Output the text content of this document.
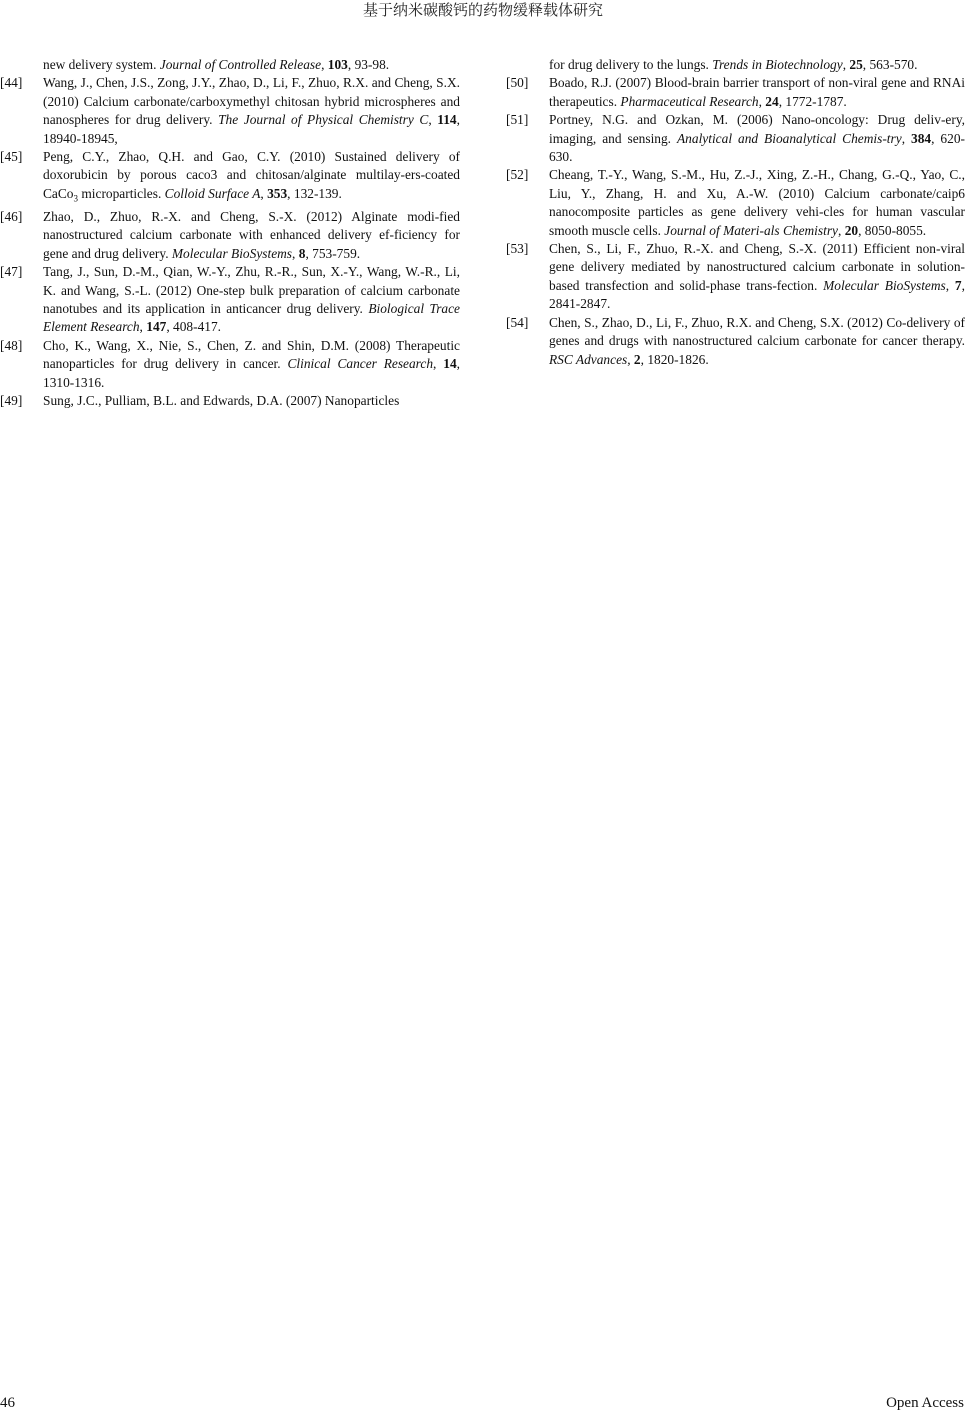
基于纳米碳酸钙的药物缓释载体研究

new delivery system. Journal of Controlled Release, 103, 93-98.

[44]	Wang, J., Chen, J.S., Zong, J.Y., Zhao, D., Li, F., Zhuo, R.X. and Cheng, S.X. (2010) Calcium carbonate/carboxymethyl chitosan hybrid microspheres and nanospheres for drug delivery. The Journal of Physical Chemistry C, 114, 18940-18945,

[45]	Peng, C.Y., Zhao, Q.H. and Gao, C.Y. (2010) Sustained delivery of doxorubicin by porous caco3 and chitosan/alginate multilay-ers-coated CaCo$_3$ microparticles. Colloid Surface A, 353, 132-139.

[46]	Zhao, D., Zhuo, R.-X. and Cheng, S.-X. (2012) Alginate modi-fied nanostructured calcium carbonate with enhanced delivery ef-ficiency for gene and drug delivery. Molecular BioSystems, 8, 753-759.

[47]	Tang, J., Sun, D.-M., Qian, W.-Y., Zhu, R.-R., Sun, X.-Y., Wang, W.-R., Li, K. and Wang, S.-L. (2012) One-step bulk preparation of calcium carbonate nanotubes and its application in anticancer drug delivery. Biological Trace Element Research, 147, 408-417.

[48]	Cho, K., Wang, X., Nie, S., Chen, Z. and Shin, D.M. (2008) Therapeutic nanoparticles for drug delivery in cancer. Clinical Cancer Research, 14, 1310-1316.

[49]	Sung, J.C., Pulliam, B.L. and Edwards, D.A. (2007) Nanoparticles

for drug delivery to the lungs. Trends in Biotechnology, 25, 563-570.

[50]	Boado, R.J. (2007) Blood-brain barrier transport of non-viral gene and RNAi therapeutics. Pharmaceutical Research, 24, 1772-1787.

[51]	Portney, N.G. and Ozkan, M. (2006) Nano-oncology: Drug deliv-ery, imaging, and sensing. Analytical and Bioanalytical Chemis-try, 384, 620-630.

[52]	Cheang, T.-Y., Wang, S.-M., Hu, Z.-J., Xing, Z.-H., Chang, G.-Q., Yao, C., Liu, Y., Zhang, H. and Xu, A.-W. (2010) Calcium carbonate/caip6 nanocomposite particles as gene delivery vehi-cles for human vascular smooth muscle cells. Journal of Materi-als Chemistry, 20, 8050-8055.

[53]	Chen, S., Li, F., Zhuo, R.-X. and Cheng, S.-X. (2011) Efficient non-viral gene delivery mediated by nanostructured calcium carbonate in solution-based transfection and solid-phase trans-fection. Molecular BioSystems, 7, 2841-2847.

[54]	Chen, S., Zhao, D., Li, F., Zhuo, R.X. and Cheng, S.X. (2012) Co-delivery of genes and drugs with nanostructured calcium carbonate for cancer therapy. RSC Advances, 2, 1820-1826.

46	Open Access
